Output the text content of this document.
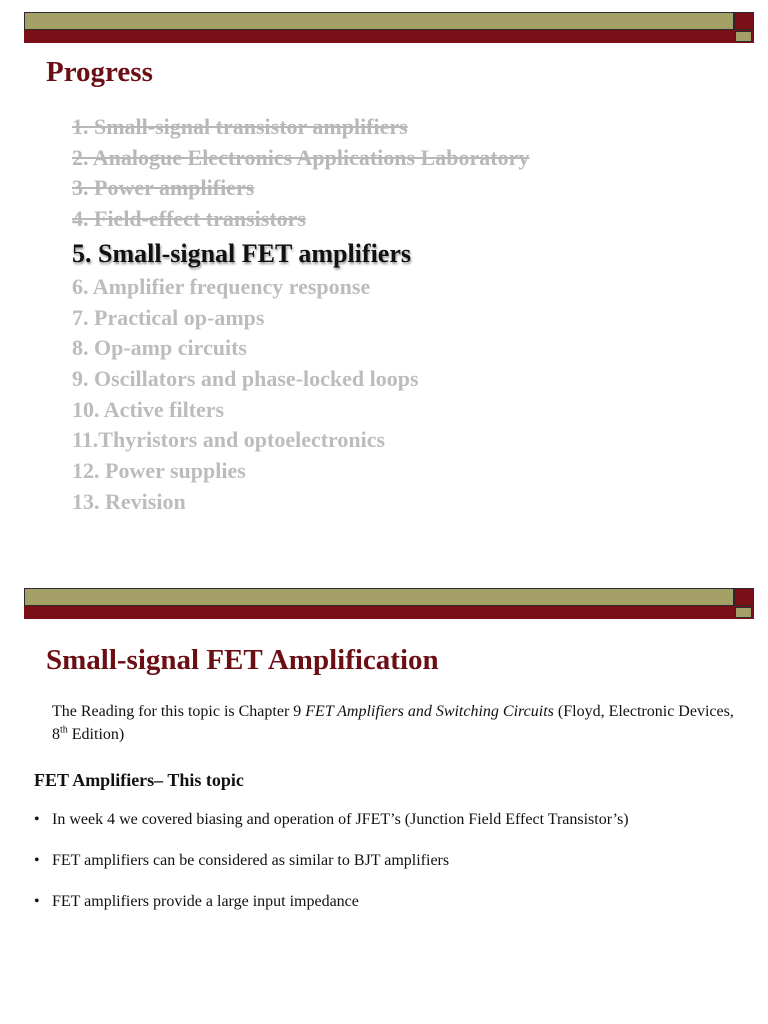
Progress
1. Small-signal transistor amplifiers
2. Analogue Electronics Applications Laboratory
3. Power amplifiers
4. Field-effect transistors
5. Small-signal FET amplifiers
6. Amplifier frequency response
7. Practical op-amps
8. Op-amp circuits
9. Oscillators and phase-locked loops
10. Active filters
11.Thyristors and optoelectronics
12. Power supplies
13. Revision
Small-signal FET Amplification

The Reading for this topic is Chapter 9 FET Amplifiers and Switching Circuits (Floyd, Electronic Devices, 8th Edition)

FET Amplifiers– This topic
• In week 4 we covered biasing and operation of JFET’s (Junction Field Effect Transistor’s)
• FET amplifiers can be considered as similar to BJT amplifiers
• FET amplifiers provide a large input impedance
